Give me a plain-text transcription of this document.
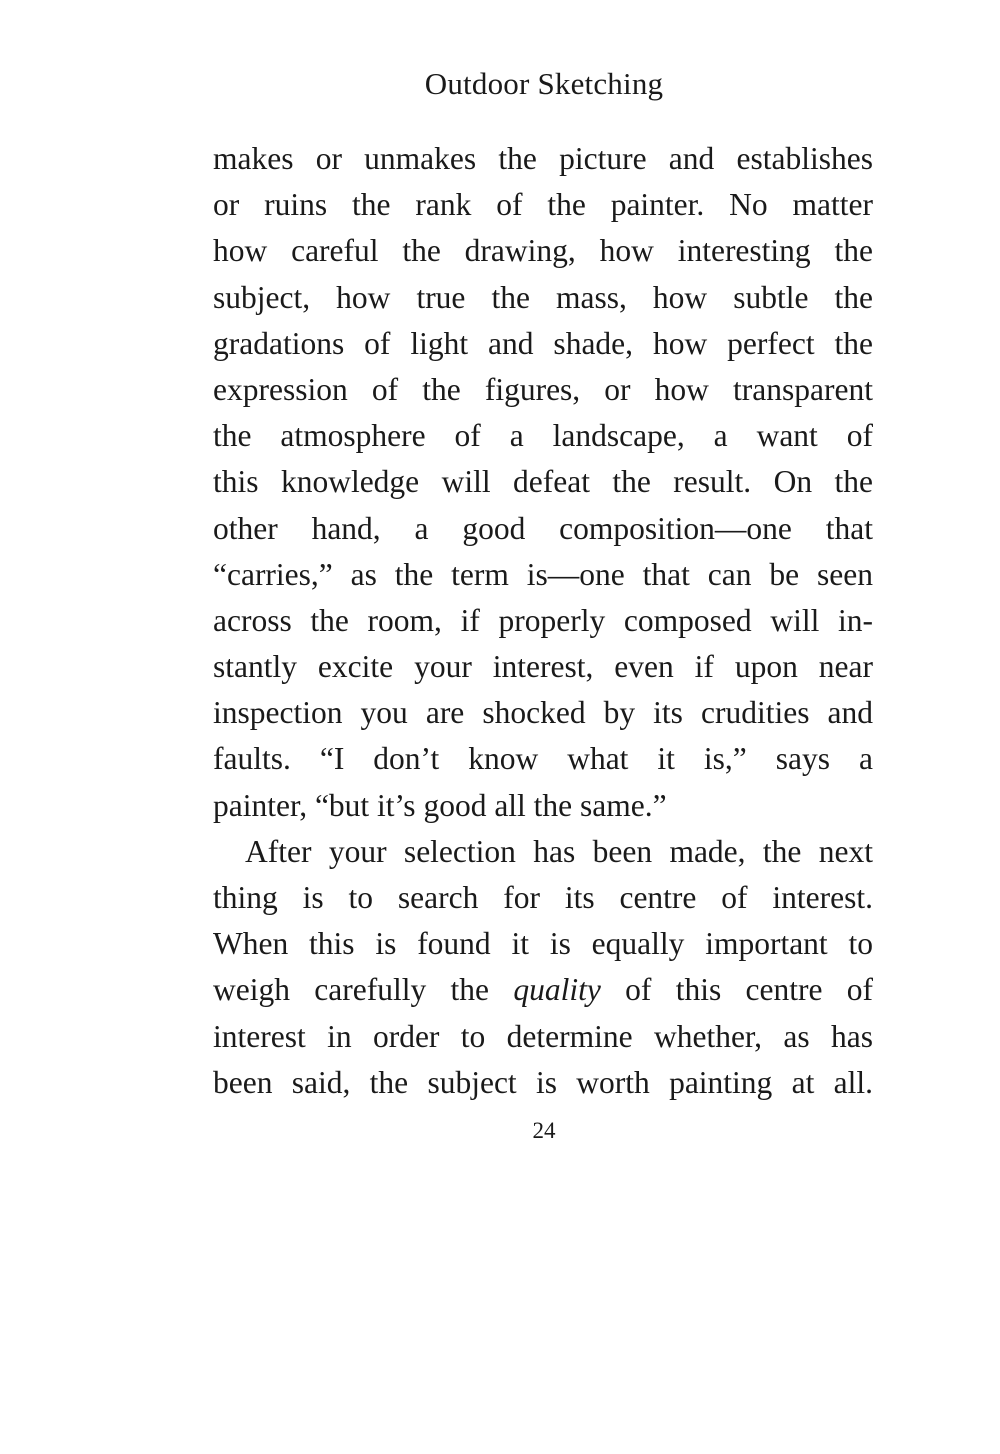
Outdoor Sketching
makes or unmakes the picture and establishes
or ruins the rank of the painter. No matter
how careful the drawing, how interesting the
subject, how true the mass, how subtle the
gradations of light and shade, how perfect the
expression of the figures, or how transparent
the atmosphere of a landscape, a want of
this knowledge will defeat the result. On the
other hand, a good composition—one that
“carries,” as the term is—one that can be seen
across the room, if properly composed will in-
stantly excite your interest, even if upon near
inspection you are shocked by its crudities and
faults. “I don’t know what it is,” says a
painter, “but it’s good all the same.”
After your selection has been made, the next
thing is to search for its centre of interest.
When this is found it is equally important to
weigh carefully the quality of this centre of
interest in order to determine whether, as has
been said, the subject is worth painting at all.
24
